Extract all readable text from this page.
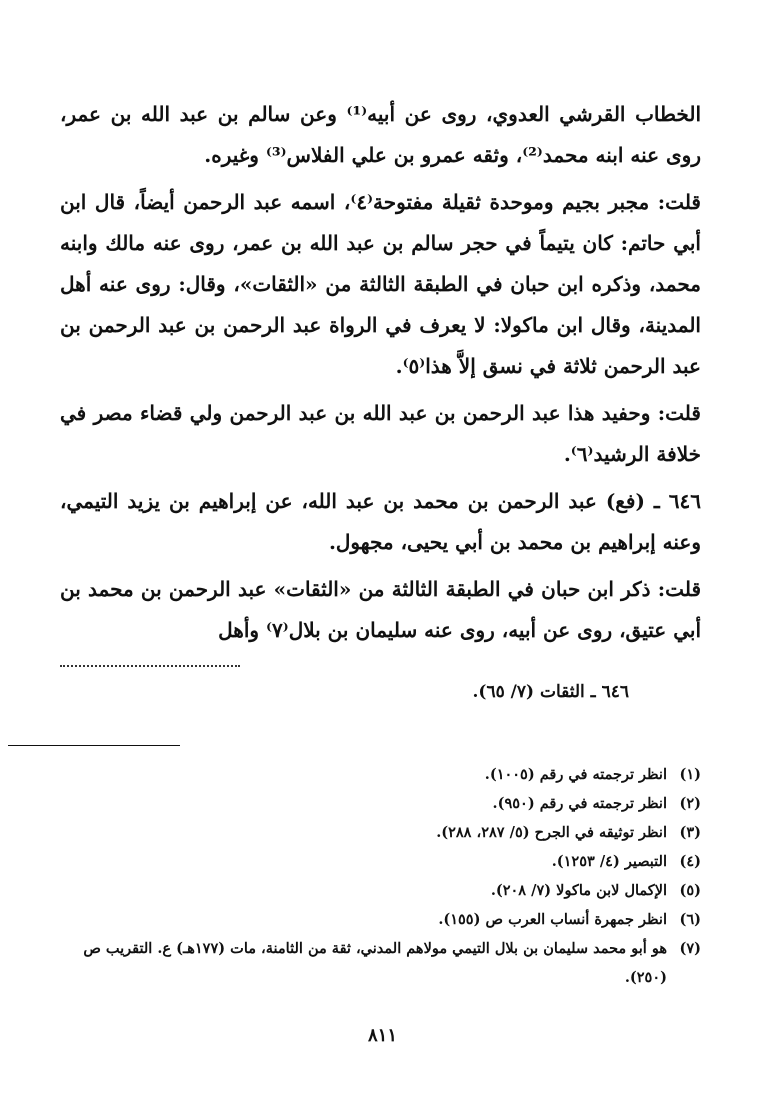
الخطاب القرشي العدوي، روى عن أبيه⁽¹⁾ وعن سالم بن عبد الله بن عمر، روى عنه ابنه محمد⁽²⁾، وثقه عمرو بن علي الفلاس⁽³⁾ وغيره.

قلت: مجبر بجيم وموحدة ثقيلة مفتوحة⁽٤⁾، اسمه عبد الرحمن أيضاً، قال ابن أبي حاتم: كان يتيماً في حجر سالم بن عبد الله بن عمر، روى عنه مالك وابنه محمد، وذكره ابن حبان في الطبقة الثالثة من «الثقات»، وقال: روى عنه أهل المدينة، وقال ابن ماكولا: لا يعرف في الرواة عبد الرحمن بن عبد الرحمن بن عبد الرحمن ثلاثة في نسق إلاَّ هذا⁽٥⁾.

قلت: وحفيد هذا عبد الرحمن بن عبد الله بن عبد الرحمن ولي قضاء مصر في خلافة الرشيد⁽٦⁾.

٦٤٦ ـ (فع) عبد الرحمن بن محمد بن عبد الله، عن إبراهيم بن يزيد التيمي، وعنه إبراهيم بن محمد بن أبي يحيى، مجهول.

قلت: ذكر ابن حبان في الطبقة الثالثة من «الثقات» عبد الرحمن بن محمد بن أبي عتيق، روى عن أبيه، روى عنه سليمان بن بلال⁽٧⁾ وأهل

٦٤٦ ـ الثقات (٧/ ٦٥).
(١)
انظر ترجمته في رقم (١٠٠٥).
(٢)
انظر ترجمته في رقم (٩٥٠).
(٣)
انظر توثيقه في الجرح (٥/ ٢٨٧، ٢٨٨).
(٤)
التبصير (٤/ ١٢٥٣).
(٥)
الإكمال لابن ماكولا (٧/ ٢٠٨).
(٦)
انظر جمهرة أنساب العرب ص (١٥٥).
(٧)
هو أبو محمد سليمان بن بلال التيمي مولاهم المدني، ثقة من الثامنة، مات (١٧٧هـ) ع. التقريب ص (٢٥٠).
٨١١
